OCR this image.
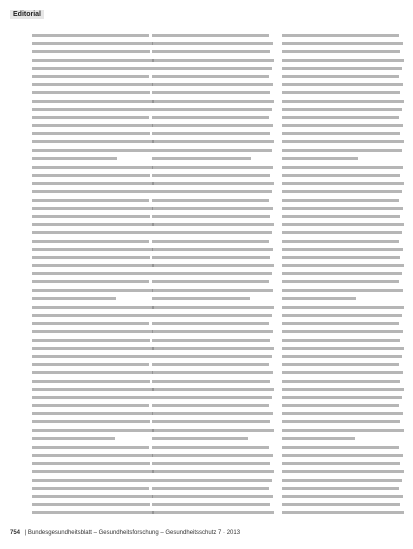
Editorial
754 | Bundesgesundheitsblatt – Gesundheitsforschung – Gesundheitsschutz 7 · 2013
